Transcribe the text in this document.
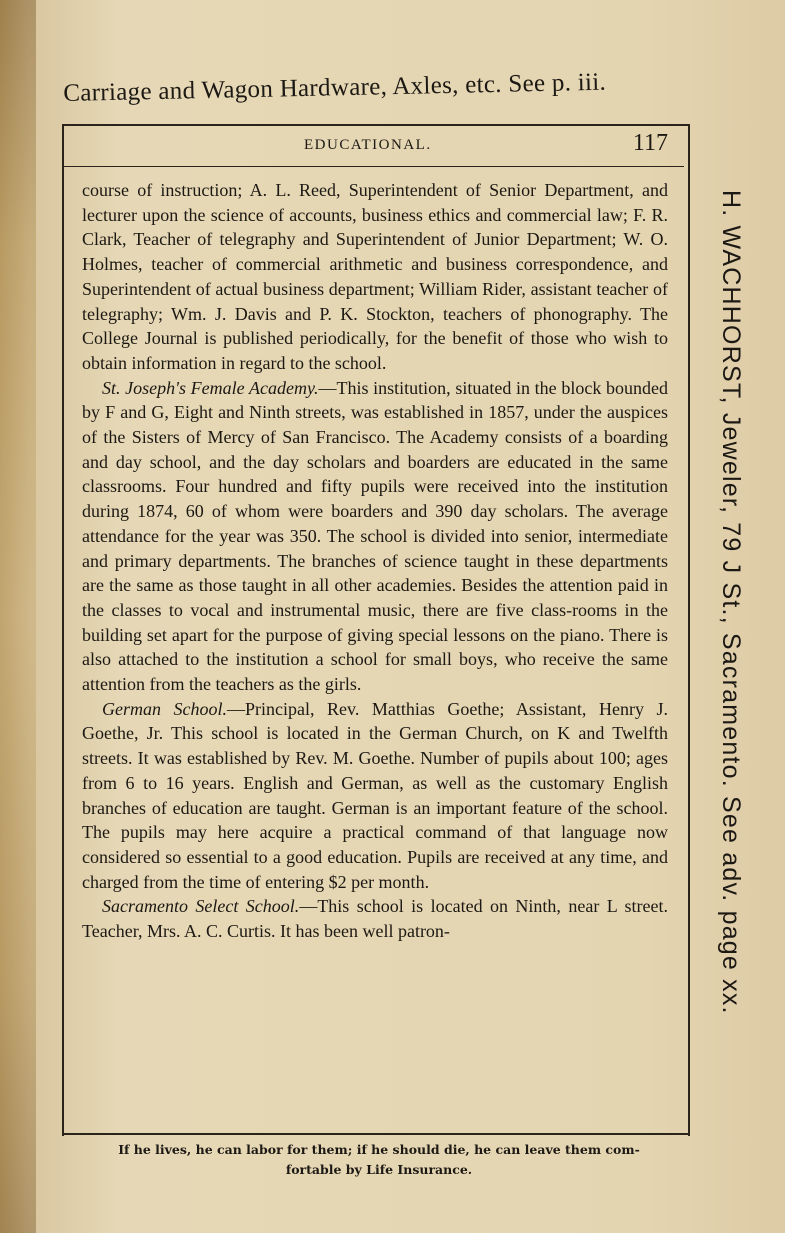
Carriage and Wagon Hardware, Axles, etc. See p. iii.
EDUCATIONAL.	117

course of instruction; A. L. Reed, Superintendent of Senior Department, and lecturer upon the science of accounts, business ethics and commercial law; F. R. Clark, Teacher of telegraphy and Superintendent of Junior Department; W. O. Holmes, teacher of commercial arithmetic and business correspondence, and Superintendent of actual business department; William Rider, assistant teacher of telegraphy; Wm. J. Davis and P. K. Stockton, teachers of phonography. The College Journal is published periodically, for the benefit of those who wish to obtain information in regard to the school.

St. Joseph's Female Academy.—This institution, situated in the block bounded by F and G, Eight and Ninth streets, was established in 1857, under the auspices of the Sisters of Mercy of San Francisco. The Academy consists of a boarding and day school, and the day scholars and boarders are educated in the same classrooms. Four hundred and fifty pupils were received into the institution during 1874, 60 of whom were boarders and 390 day scholars. The average attendance for the year was 350. The school is divided into senior, intermediate and primary departments. The branches of science taught in these departments are the same as those taught in all other academies. Besides the attention paid in the classes to vocal and instrumental music, there are five class-rooms in the building set apart for the purpose of giving special lessons on the piano. There is also attached to the institution a school for small boys, who receive the same attention from the teachers as the girls.

German School.—Principal, Rev. Matthias Goethe; Assistant, Henry J. Goethe, Jr. This school is located in the German Church, on K and Twelfth streets. It was established by Rev. M. Goethe. Number of pupils about 100; ages from 6 to 16 years. English and German, as well as the customary English branches of education are taught. German is an important feature of the school. The pupils may here acquire a practical command of that language now considered so essential to a good education. Pupils are received at any time, and charged from the time of entering $2 per month.

Sacramento Select School.—This school is located on Ninth, near L street. Teacher, Mrs. A. C. Curtis. It has been well patron-	H. WACHHORST, Jeweler, 79 J St., Sacramento. See adv. page xx.
If he lives, he can labor for them; if he should die, he can leave them com-
fortable by Life Insurance.
